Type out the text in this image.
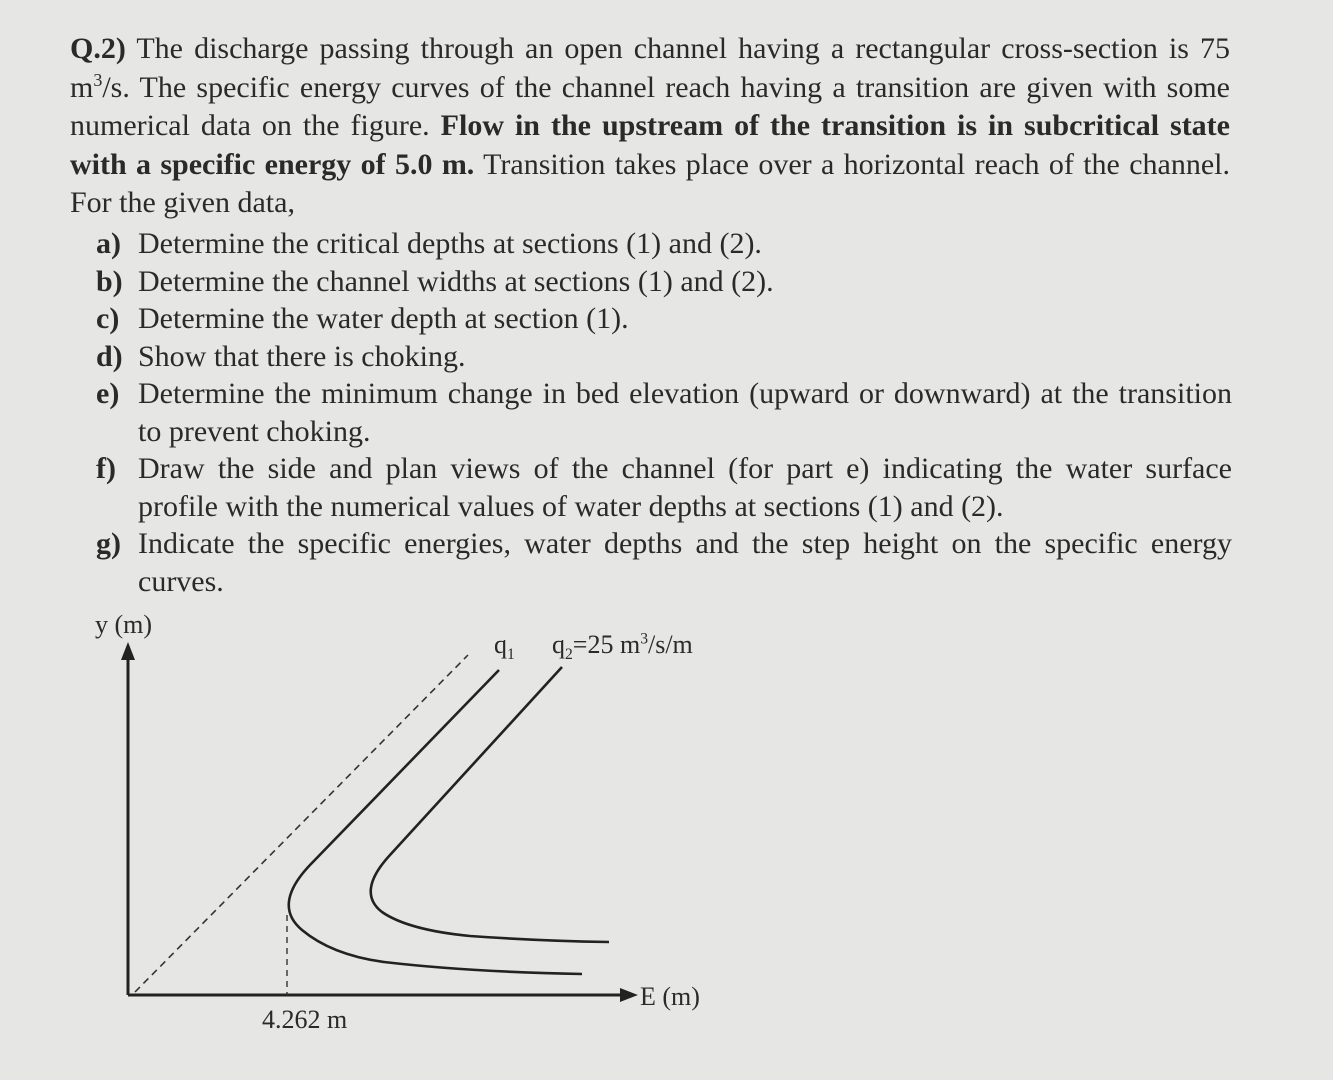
Q.2) The discharge passing through an open channel having a rectangular cross-section is 75 $m^3/s$. The specific energy curves of the channel reach having a transition are given with some numerical data on the figure. Flow in the upstream of the transition is in subcritical state with a specific energy of 5.0 m. Transition takes place over a horizontal reach of the channel. For the given data,
a) Determine the critical depths at sections (1) and (2).
b) Determine the channel widths at sections (1) and (2).
c) Determine the water depth at section (1).
d) Show that there is choking.
e) Determine the minimum change in bed elevation (upward or downward) at the transition to prevent choking.
f) Draw the side and plan views of the channel (for part e) indicating the water surface profile with the numerical values of water depths at sections (1) and (2).
g) Indicate the specific energies, water depths and the step height on the specific energy curves.
y (m)
$q_1$ $q_2=25$ $m^3/s/m$
E (m)
4.262 m
